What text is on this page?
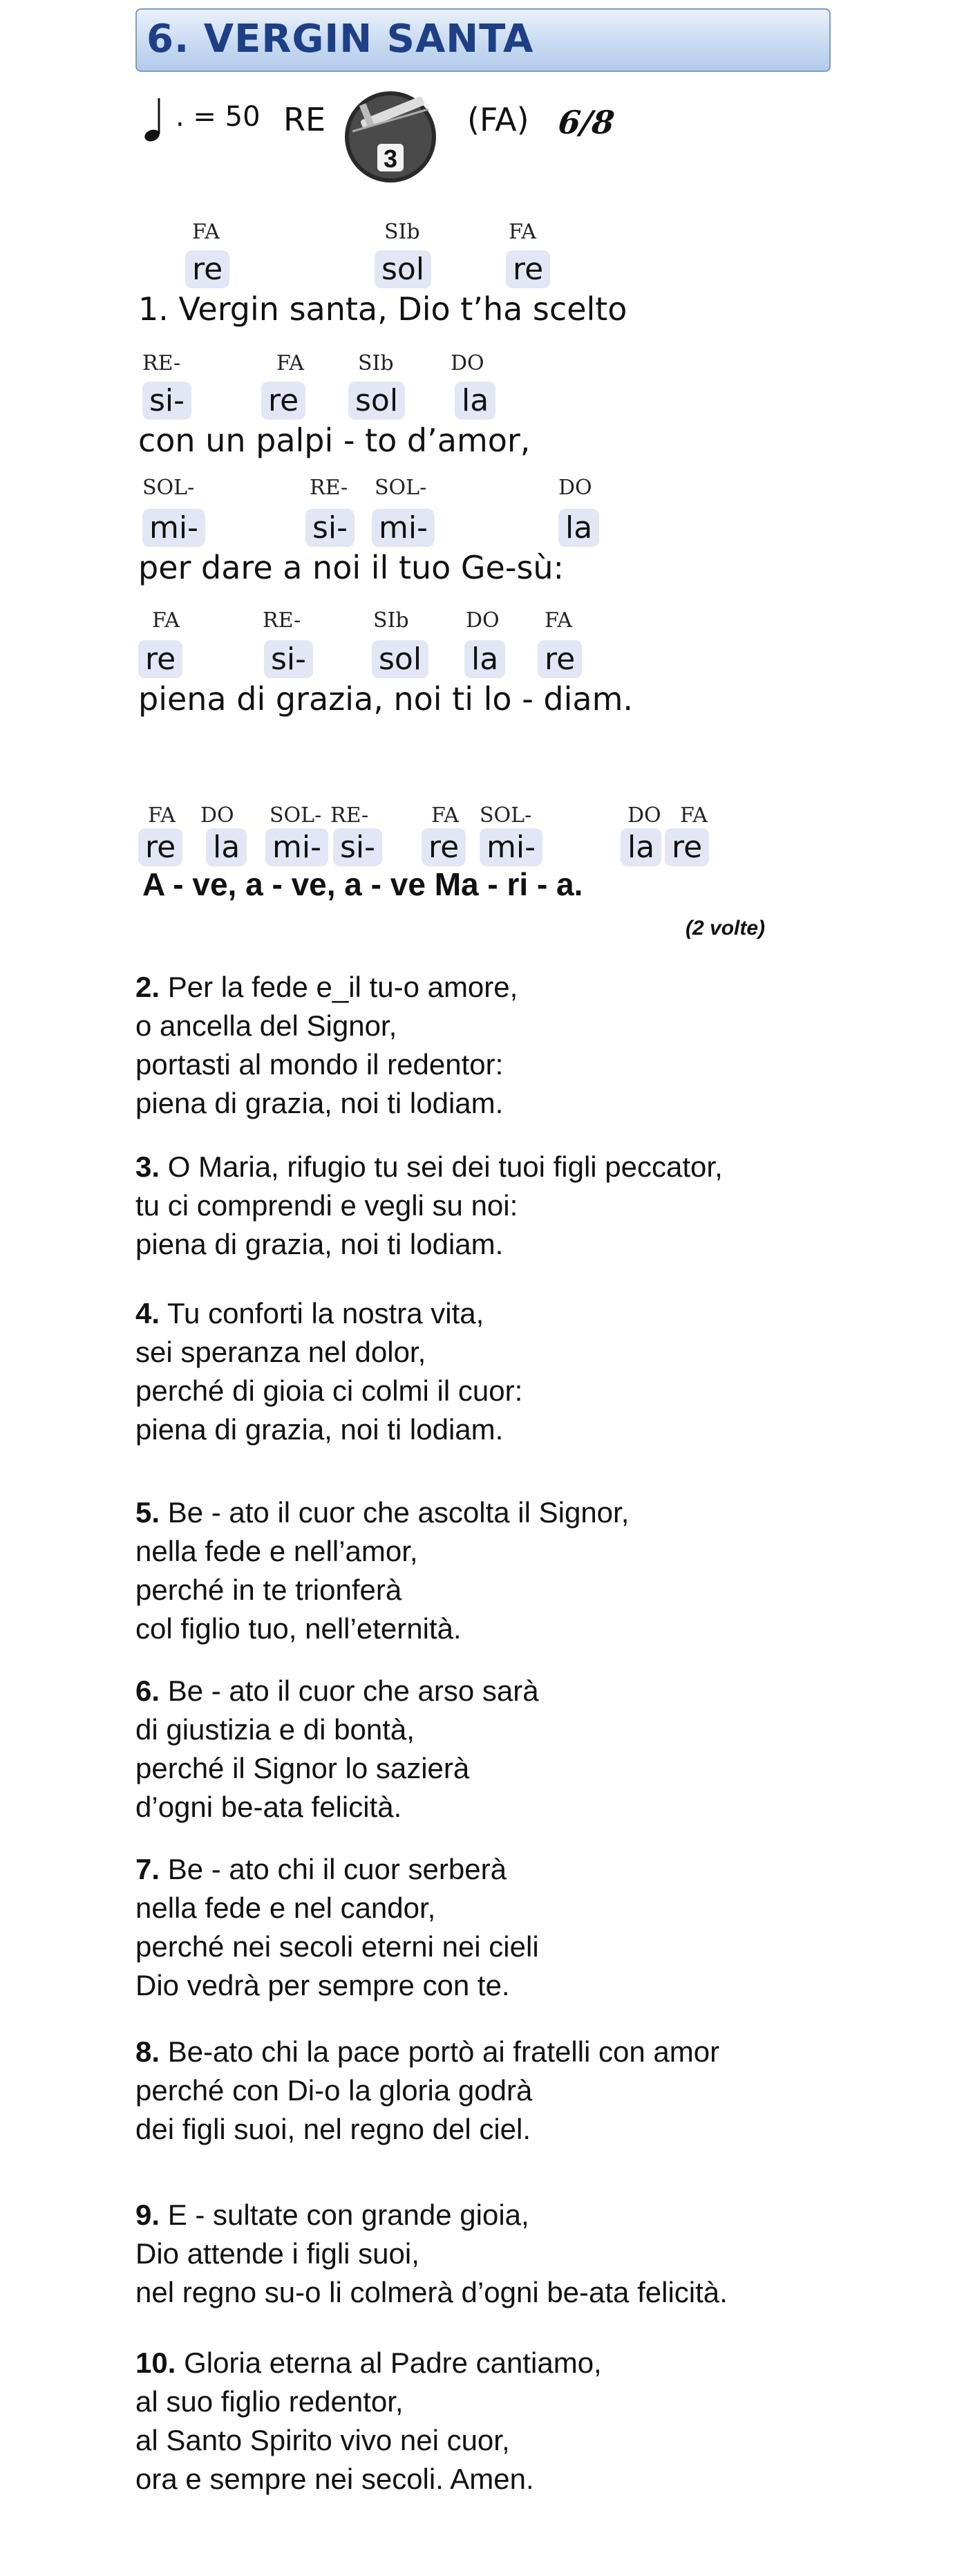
6. VERGIN SANTA
. = 50 RE
3
(FA) 6/8
FA	SIb	FA
re	sol	re
1. Vergin santa, Dio t’ha scelto
RE-	FA	SIb	DO
si-	re sol la
con un palpi - to d’amor,
SOL-	RE- SOL-	DO
mi-	si- mi-	la
per dare a noi il tuo Ge-sù:
FA	RE-	SIb	DO FA
re	si- sol la re
piena di grazia, noi ti lo - diam.
FA DO SOL- RE-	FA SOL-	DO FA
re la mi- si- re mi-	la re
A - ve, a - ve, a - ve Ma - ri - a.
(2 volte)
2. Per la fede e_il tu-o amore,
o ancella del Signor,
portasti al mondo il redentor:
piena di grazia, noi ti lodiam.
3. O Maria, rifugio tu sei dei tuoi figli peccator,
tu ci comprendi e vegli su noi:
piena di grazia, noi ti lodiam.
4. Tu conforti la nostra vita,
sei speranza nel dolor,
perché di gioia ci colmi il cuor:
piena di grazia, noi ti lodiam.
5. Be - ato il cuor che ascolta il Signor,
nella fede e nell’amor,
perché in te trionferà
col figlio tuo, nell’eternità.
6. Be - ato il cuor che arso sarà
di giustizia e di bontà,
perché il Signor lo sazierà
d’ogni be-ata felicità.
7. Be - ato chi il cuor serberà
nella fede e nel candor,
perché nei secoli eterni nei cieli
Dio vedrà per sempre con te.
8. Be-ato chi la pace portò ai fratelli con amor
perché con Di-o la gloria godrà
dei figli suoi, nel regno del ciel.
9. E - sultate con grande gioia,
Dio attende i figli suoi,
nel regno su-o li colmerà d’ogni be-ata felicità.
10. Gloria eterna al Padre cantiamo,
al suo figlio redentor,
al Santo Spirito vivo nei cuor,
ora e sempre nei secoli. Amen.
